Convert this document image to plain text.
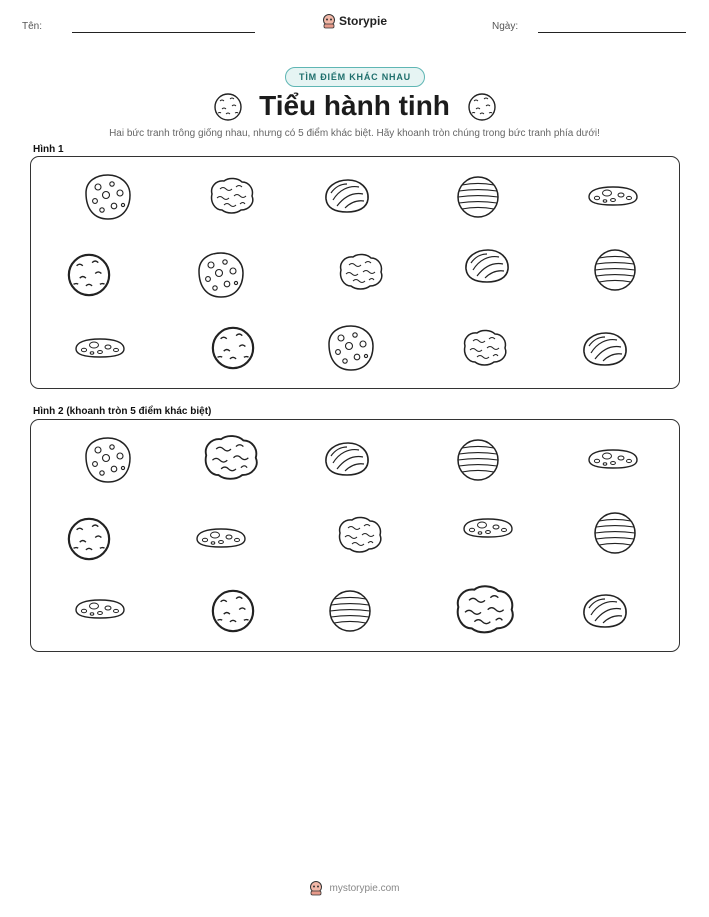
Tên:	Storypie	Ngày:
TÌM ĐIỂM KHÁC NHAU
Tiểu hành tinh
Hai bức tranh trông giống nhau, nhưng có 5 điểm khác biệt. Hãy khoanh tròn chúng trong bức tranh phía dưới!
Hình 1
Hình 2 (khoanh tròn 5 điểm khác biệt)
mystorypie.com
